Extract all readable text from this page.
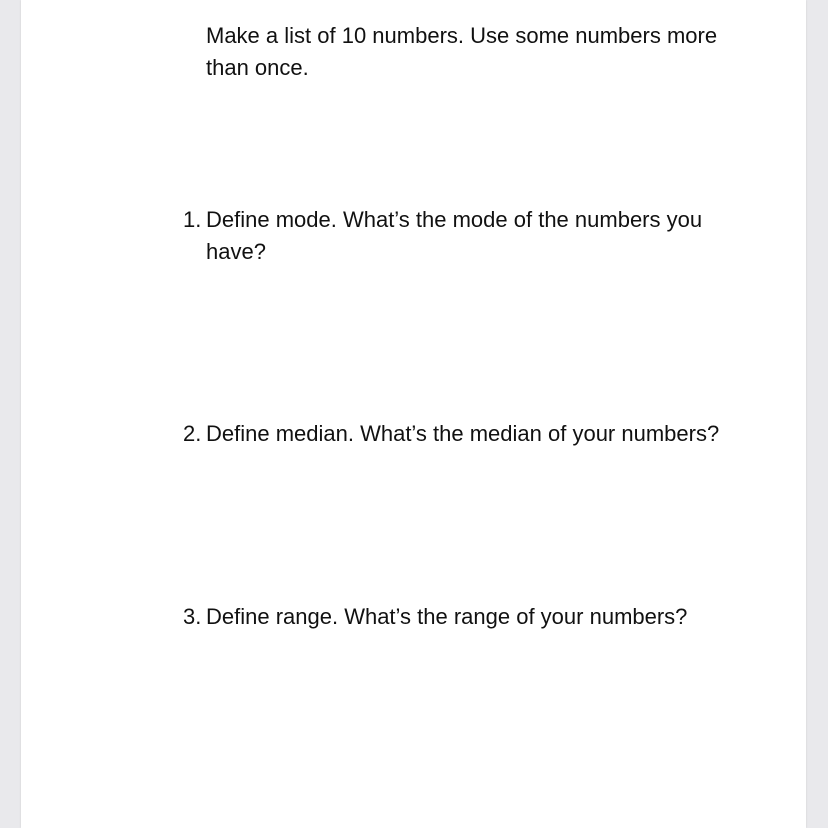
Make a list of 10 numbers. Use some numbers more than once.

1. Define mode. What’s the mode of the numbers you have?
2. Define median. What’s the median of your numbers?
3. Define range. What’s the range of your numbers?
